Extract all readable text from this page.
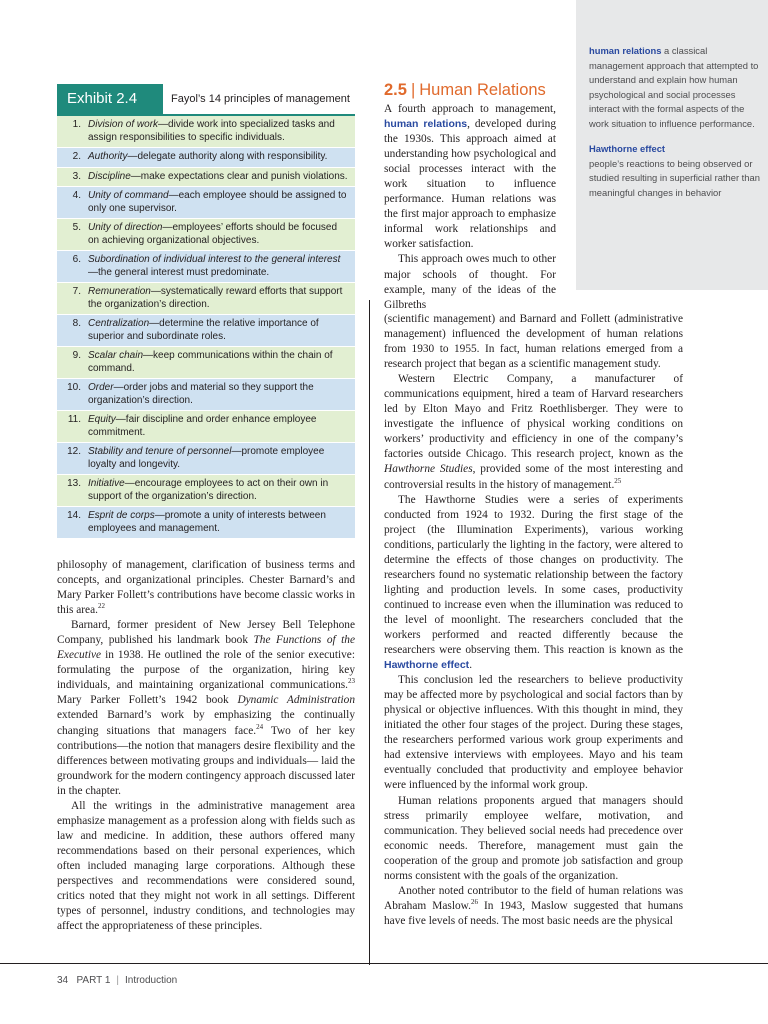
human relations a classical management approach that attempted to understand and explain how human psychological and social processes interact with the formal aspects of the work situation to influence performance.
Hawthorne effect
people’s reactions to being observed or studied resulting in superficial rather than meaningful changes in behavior
Exhibit 2.4	Fayol’s 14 principles of management
1. Division of work—divide work into specialized tasks and assign responsibilities to specific individuals.
2. Authority—delegate authority along with responsibility.
3. Discipline—make expectations clear and punish violations.
4. Unity of command—each employee should be assigned to only one supervisor.
5. Unity of direction—employees’ efforts should be focused on achieving organizational objectives.
6. Subordination of individual interest to the general interest—the general interest must predominate.
7. Remuneration—systematically reward efforts that support the organization’s direction.
8. Centralization—determine the relative importance of superior and subordinate roles.
9. Scalar chain—keep communications within the chain of command.
10. Order—order jobs and material so they support the organization’s direction.
11. Equity—fair discipline and order enhance employee commitment.
12. Stability and tenure of personnel—promote employee loyalty and longevity.
13. Initiative—encourage employees to act on their own in support of the organization’s direction.
14. Esprit de corps—promote a unity of interests between employees and management.

philosophy of management, clarification of business terms and concepts, and organizational principles. Chester Barnard’s and Mary Parker Follett’s contributions have become classic works in this area.$^{22}$

Barnard, former president of New Jersey Bell Telephone Company, published his landmark book The Functions of the Executive in 1938. He outlined the role of the senior executive: formulating the purpose of the organization, hiring key individuals, and maintaining organizational communications.$^{23}$ Mary Parker Follett’s 1942 book Dynamic Administration extended Barnard’s work by emphasizing the continually changing situations that managers face.$^{24}$ Two of her key contributions—the notion that managers desire flexibility and the differences between motivating groups and individuals— laid the groundwork for the modern contingency approach discussed later in the chapter.

All the writings in the administrative management area emphasize management as a profession along with fields such as law and medicine. In addition, these authors offered many recommendations based on their personal experiences, which often included managing large corporations. Although these perspectives and recommendations were considered sound, critics noted that they might not work in all settings. Different types of personnel, industry conditions, and technologies may affect the appropriateness of these principles.

2.5 | Human Relations

A fourth approach to management, human relations, developed during the 1930s. This approach aimed at understanding how psychological and social processes interact with the work situation to influence performance. Human relations was the first major approach to emphasize informal work relationships and worker satisfaction.

This approach owes much to other major schools of thought. For example, many of the ideas of the Gilbreths

(scientific management) and Barnard and Follett (administrative management) influenced the development of human relations from 1930 to 1955. In fact, human relations emerged from a research project that began as a scientific management study.

Western Electric Company, a manufacturer of communications equipment, hired a team of Harvard researchers led by Elton Mayo and Fritz Roethlisberger. They were to investigate the influence of physical working conditions on workers’ productivity and efficiency in one of the company’s factories outside Chicago. This research project, known as the Hawthorne Studies, provided some of the most interesting and controversial results in the history of management.$^{25}$

The Hawthorne Studies were a series of experiments conducted from 1924 to 1932. During the first stage of the project (the Illumination Experiments), various working conditions, particularly the lighting in the factory, were altered to determine the effects of those changes on productivity. The researchers found no systematic relationship between the factory lighting and production levels. In some cases, productivity continued to increase even when the illumination was reduced to the level of moonlight. The researchers concluded that the workers performed and reacted differently because the researchers were observing them. This reaction is known as the Hawthorne effect.

This conclusion led the researchers to believe productivity may be affected more by psychological and social factors than by physical or objective influences. With this thought in mind, they initiated the other four stages of the project. During these stages, the researchers performed various work group experiments and had extensive interviews with employees. Mayo and his team eventually concluded that productivity and employee behavior were influenced by the informal work group.

Human relations proponents argued that managers should stress primarily employee welfare, motivation, and communication. They believed social needs had precedence over economic needs. Therefore, management must gain the cooperation of the group and promote job satisfaction and group norms consistent with the goals of the organization.

Another noted contributor to the field of human relations was Abraham Maslow.$^{26}$ In 1943, Maslow suggested that humans have five levels of needs. The most basic needs are the physical

34 PART 1 | Introduction
